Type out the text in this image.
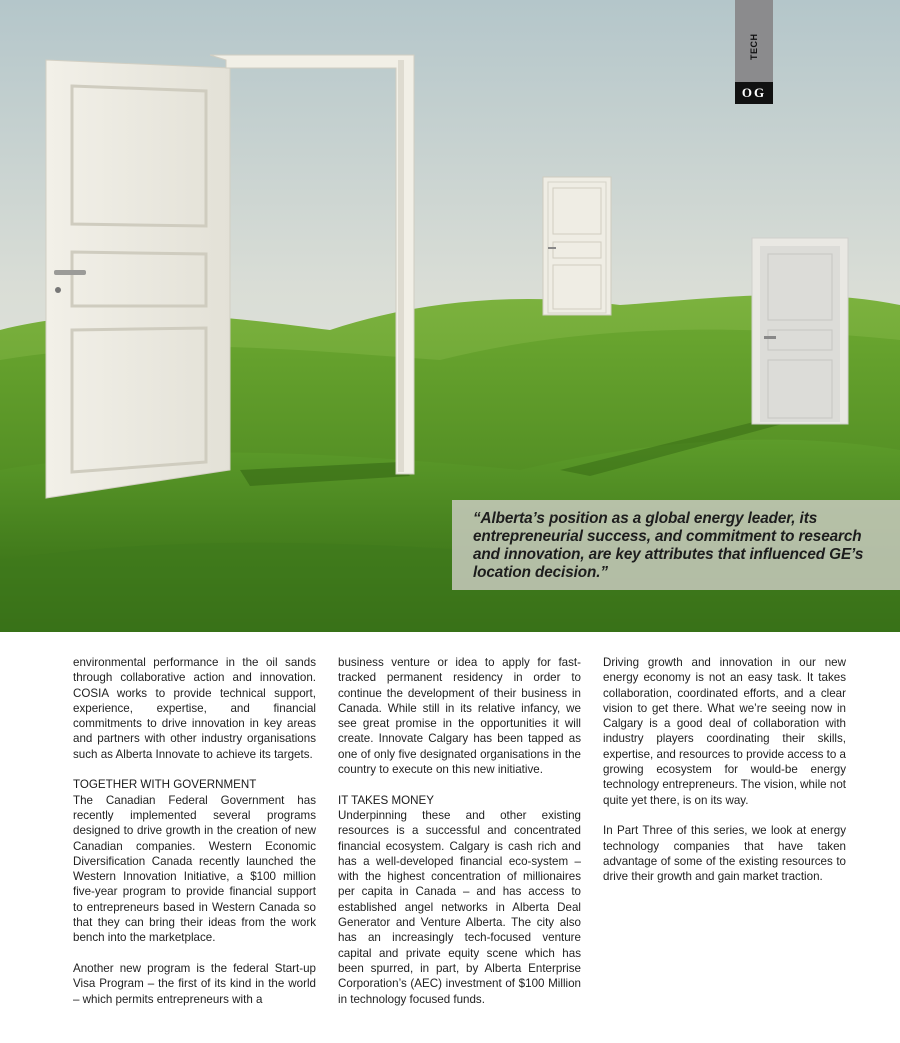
TECH
OG
“Alberta’s position as a global energy leader, its entrepreneurial success, and commitment to research and innovation, are key attributes that influenced GE’s location decision.”

environmental performance in the oil sands through collaborative action and innovation. COSIA works to provide technical support, experience, expertise, and financial commitments to drive innovation in key areas and partners with other industry organisations such as Alberta Innovate to achieve its targets.

TOGETHER WITH GOVERNMENT

The Canadian Federal Government has recently implemented several programs designed to drive growth in the creation of new Canadian companies. Western Economic Diversification Canada recently launched the Western Innovation Initiative, a $100 million five-year program to provide financial support to entrepreneurs based in Western Canada so that they can bring their ideas from the work bench into the marketplace.

Another new program is the federal Start-up Visa Program – the first of its kind in the world – which permits entrepreneurs with a

business venture or idea to apply for fast-tracked permanent residency in order to continue the development of their business in Canada. While still in its relative infancy, we see great promise in the opportunities it will create. Innovate Calgary has been tapped as one of only five designated organisations in the country to execute on this new initiative.

IT TAKES MONEY

Underpinning these and other existing resources is a successful and concentrated financial ecosystem. Calgary is cash rich and has a well-developed financial eco-system – with the highest concentration of millionaires per capita in Canada – and has access to established angel networks in Alberta Deal Generator and Venture Alberta. The city also has an increasingly tech-focused venture capital and private equity scene which has been spurred, in part, by Alberta Enterprise Corporation’s (AEC) investment of $100 Million in technology focused funds.

Driving growth and innovation in our new energy economy is not an easy task. It takes collaboration, coordinated efforts, and a clear vision to get there. What we’re seeing now in Calgary is a good deal of collaboration with industry players coordinating their skills, expertise, and resources to provide access to a growing ecosystem for would-be energy technology entrepreneurs. The vision, while not quite yet there, is on its way.

In Part Three of this series, we look at energy technology companies that have taken advantage of some of the existing resources to drive their growth and gain market traction.
